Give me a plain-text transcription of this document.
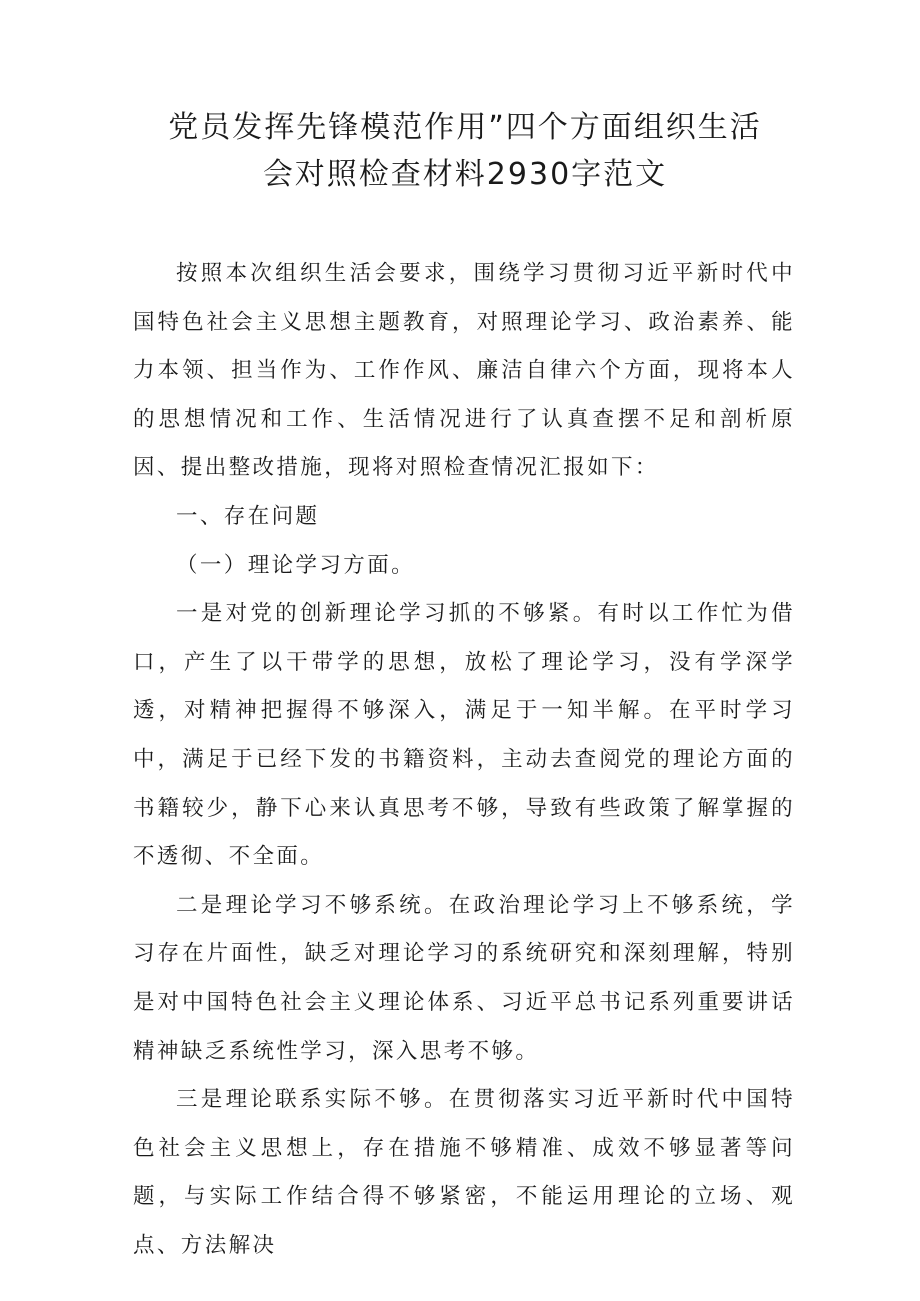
党员发挥先锋模范作用”四个方面组织生活
会对照检查材料2930字范文

按照本次组织生活会要求，围绕学习贯彻习近平新时代中国特色社会主义思想主题教育，对照理论学习、政治素养、能力本领、担当作为、工作作风、廉洁自律六个方面，现将本人的思想情况和工作、生活情况进行了认真查摆不足和剖析原因、提出整改措施，现将对照检查情况汇报如下：

一、存在问题

（一）理论学习方面。

一是对党的创新理论学习抓的不够紧。有时以工作忙为借口，产生了以干带学的思想，放松了理论学习，没有学深学透，对精神把握得不够深入，满足于一知半解。在平时学习中，满足于已经下发的书籍资料，主动去查阅党的理论方面的书籍较少，静下心来认真思考不够，导致有些政策了解掌握的不透彻、不全面。

二是理论学习不够系统。在政治理论学习上不够系统，学习存在片面性，缺乏对理论学习的系统研究和深刻理解，特别是对中国特色社会主义理论体系、习近平总书记系列重要讲话精神缺乏系统性学习，深入思考不够。

三是理论联系实际不够。在贯彻落实习近平新时代中国特色社会主义思想上，存在措施不够精准、成效不够显著等问题，与实际工作结合得不够紧密，不能运用理论的立场、观点、方法解决
